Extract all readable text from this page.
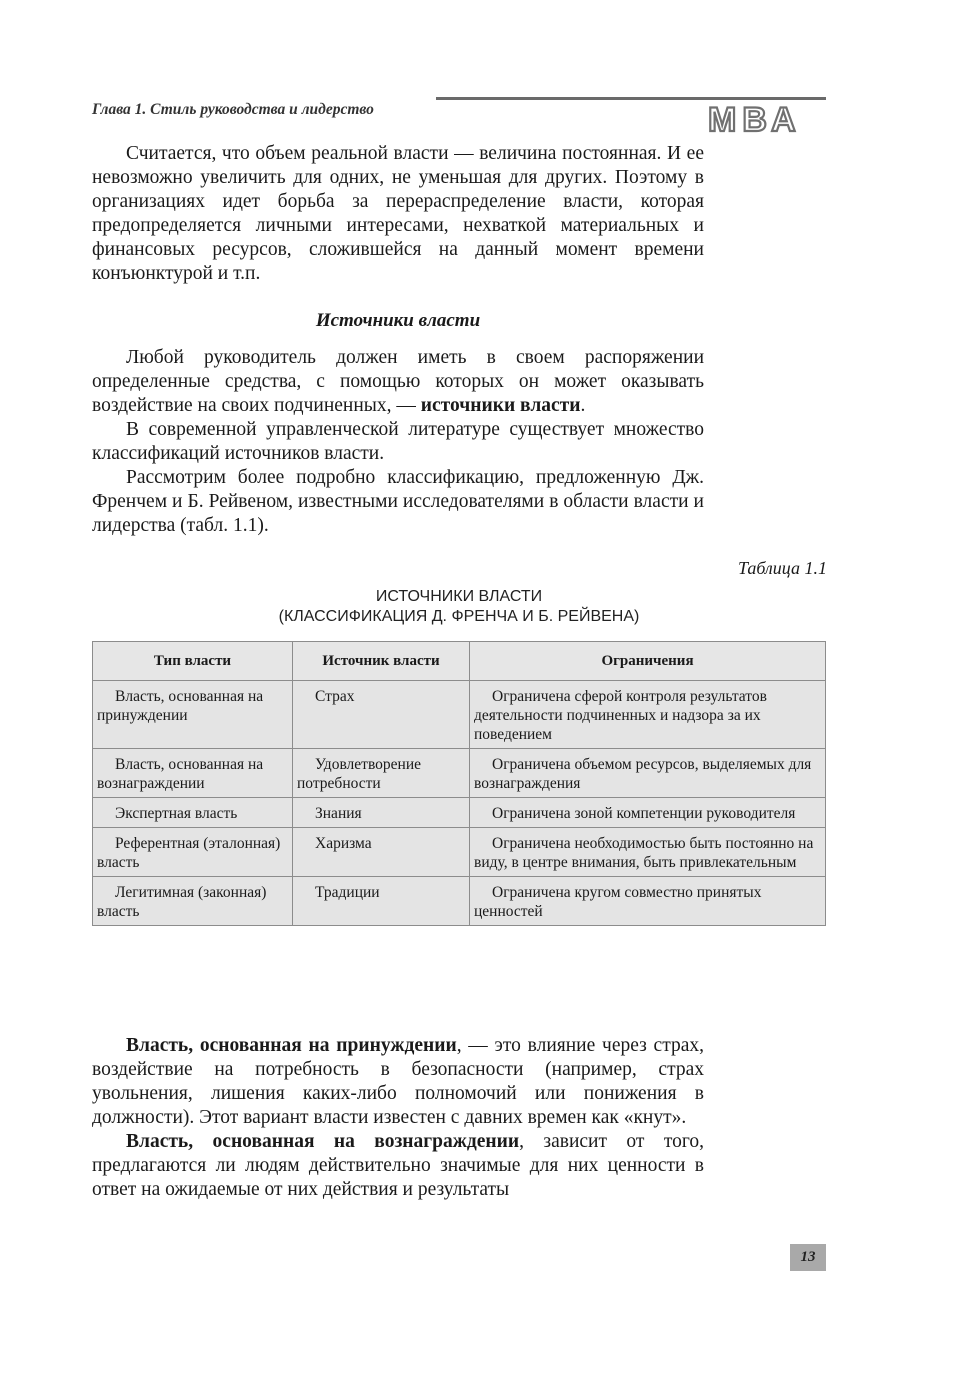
Глава 1. Стиль руководства и лидерство	МВА

Считается, что объем реальной власти — величина постоянная. И ее невозможно увеличить для одних, не уменьшая для других. Поэтому в организациях идет борьба за перераспределение власти, которая предопределяется личными интересами, нехваткой материальных и финансовых ресурсов, сложившейся на данный момент времени конъюнктурой и т.п.

Источники власти

Любой руководитель должен иметь в своем распоряжении определенные средства, с помощью которых он может оказывать воздействие на своих подчиненных, — источники власти.

В современной управленческой литературе существует множество классификаций источников власти.

Рассмотрим более подробно классификацию, предложенную Дж. Френчем и Б. Рейвеном, известными исследователями в области власти и лидерства (табл. 1.1).

Таблица 1.1
ИСТОЧНИКИ ВЛАСТИ
(КЛАССИФИКАЦИЯ Д. ФРЕНЧА И Б. РЕЙВЕНА)
Тип власти	Источник власти	Ограничения
Власть, основанная на принуждении	Страх	Ограничена сферой контроля результатов деятельности подчиненных и надзора за их поведением
Власть, основанная на вознаграждении	Удовлетворение потребности	Ограничена объемом ресурсов, выделяемых для вознаграждения
Экспертная власть	Знания	Ограничена зоной компетенции руководителя
Референтная (эталонная) власть	Харизма	Ограничена необходимостью быть постоянно на виду, в центре внимания, быть привлекательным
Легитимная (законная) власть	Традиции	Ограничена кругом совместно принятых ценностей

Власть, основанная на принуждении, — это влияние через страх, воздействие на потребность в безопасности (например, страх увольнения, лишения каких-либо полномочий или понижения в должности). Этот вариант власти известен с давних времен как «кнут».

Власть, основанная на вознаграждении, зависит от того, предлагаются ли людям действительно значимые для них ценности в ответ на ожидаемые от них действия и результаты

13
